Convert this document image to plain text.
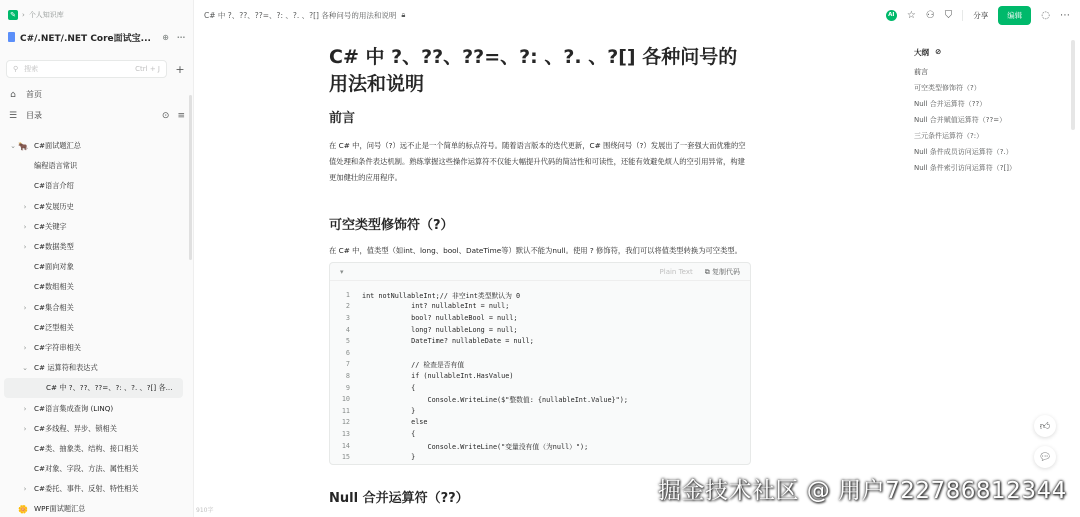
✎ › 个人知识库
C#/.NET/.NET Core面试宝... ⊕ ⋯
⚲ 搜索	Ctrl + J +
⌂ 首页
☰ 目录	⊙ ≡
⌄ 🐂 C#面试题汇总
编程语言常识
C#语言介绍
›	C#发展历史
›	C#关键字
›	C#数据类型
C#面向对象
C#数组相关
›	C#集合相关
C#泛型相关
›	C#字符串相关
⌄ C# 运算符和表达式
C# 中 ?、??、??=、?: 、?. 、?[] 各...
›	C#语言集成查询 (LINQ)
›	C#多线程、异步、锁相关
C#类、抽象类、结构、接口相关
C#对象、字段、方法、属性相关
›	C#委托、事件、反射、特性相关
🌼 WPF面试题汇总	910字
C# 中 ?、??、??=、?: 、?. 、?[] 各种问号的用法和说明 🔒︎	AI ☆ ⚇ ⛉	分享	编辑	◌ ⋯
C# 中 ?、??、??=、?: 、?. 、?[] 各种问号的用法和说明
前言

在 C# 中，问号（?）远不止是一个简单的标点符号。随着语言版本的迭代更新，C# 围绕问号（?）发展出了一套强大而优雅的空值处理和条件表达机制。熟练掌握这些操作运算符不仅能大幅提升代码的简洁性和可读性，还能有效避免烦人的空引用异常，构建更加健壮的应用程序。

可空类型修饰符（?）

在 C# 中，值类型（如int、long、bool、DateTime等）默认不能为null。使用 ? 修饰符，我们可以将值类型转换为可空类型。

▾	Plain Text ⧉ 复制代码
1 int notNullableInt;// 非空int类型默认为 0
2 int? nullableInt = null;
3 bool? nullableBool = null;
4 long? nullableLong = null;
5 DateTime? nullableDate = null;
6
7 // 检查是否有值
8 if (nullableInt.HasValue)
9 {
10 Console.WriteLine($"整数值: {nullableInt.Value}");
11 }
12 else
13 {
14 Console.WriteLine("变量没有值（为null）");
15 }
Null 合并运算符（??）
大纲 ⊘
前言
可空类型修饰符（?）
Null 合并运算符（??）
Null 合并赋值运算符（??=）
三元条件运算符（?:）
Null 条件成员访问运算符（?.）
Null 条件索引访问运算符（?[]）
👍︎
💬︎
掘金技术社区 @ 用户722786812344
